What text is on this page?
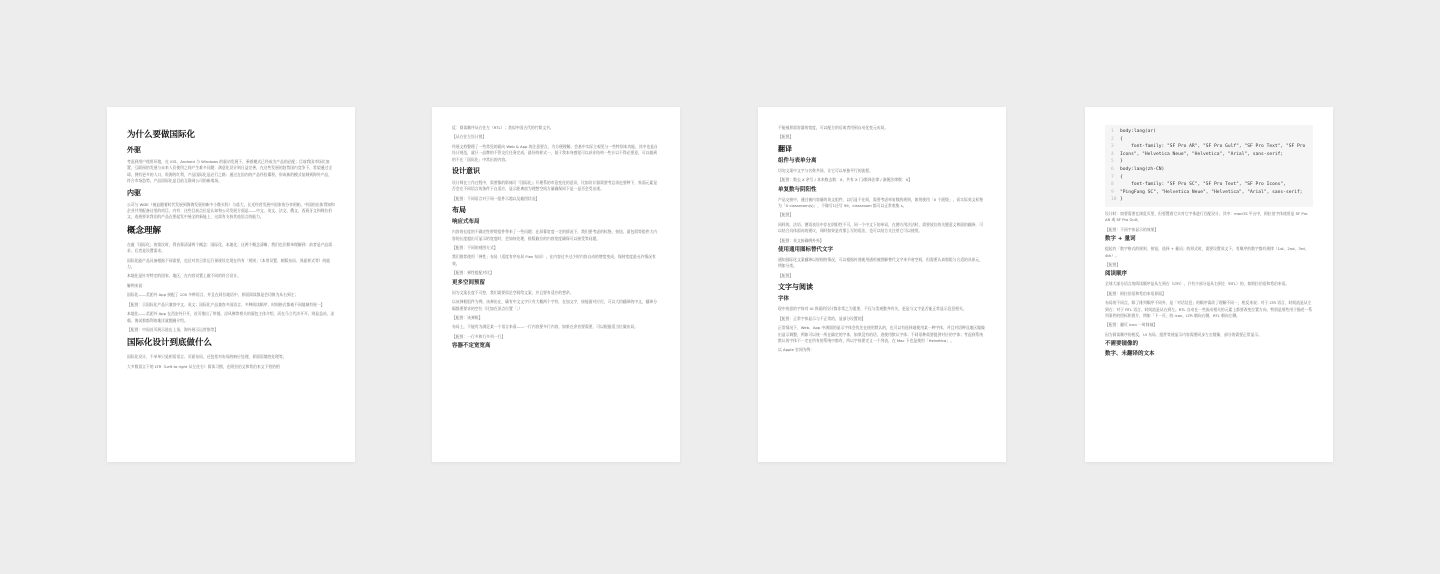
为什么要做国际化
外驱
考虑到用户使用环境，在 iOS、Android 与 Windows 的驱动发展下，乘着模式已经成为产品的必配；目前我国市场比加置，互联网的发展与未来人们使用之间产生难多问题：满意化设计则日益完善，在这些发展的趋势国内竞争下，希望通过全球，拥有更多的人口，资源的红利，产品国际化是必行之路；通过在国内的产品经验累积，形成新的模式复制到海外产品，符合市场趋势。产品国际化是目前互联网公司的新战场。
内驱
公司与 WDE（被迫随着时代发展到海海发展的新中小微头科）与落大，长光经营发展中国家的分享阿帕，中国的出体得知和企业共用配备这里的项目，内有：这些目前点位是认知和公司发展方面是——中文、英文、法文、俄文、西班牙文和阿拉伯文，选规要求我们的产品在要起发中展全的新能上，这需有支持其他语言的能力。
概念理解
在做「国际化」的第次时，得首靠清清两个概念：国际化、本地化；这两个概念清晰，我们也们简单理解到：前者是产品需求，后者是设置需求。
国际化能产品具备根据不同需要，也区对其日常运行预规设定现在所有「规则」（本用设置、朝版布局、界面样式等）的能力。
本地化是针对特定的国家、地区，在内容设置上做不同的符合设计。
解例来说：
国际化——美团外 App 接配了 100 多种语言，并且在同位地语中，界面阅读都是会切换为从右到左；
【配图：示国际化产品只兼容中文、英文；国际化产品兼容多国语言，多种阅读顺序，时间格式都被不同地域有规一】
本地化——美团外 App 在西安外只开，首页推出了饼链、凉风佛等相关的面包主体介绍，而在马立代决开开，则显益站、凉载、海试那都利的地详就题圈介绍。
【配图：中国首页展示进店上货，海外展示运营推等】
国际化设计到底做什么
国际化设计，不单单只是相语语言、页面布局，还包括对布局的响应处理，界面语境的处理等。
大多数语言下的 LTR（Left to right 从左往右）阅读习惯，在阿拉伯文和希伯来文下恰恰相
反：阅读顺序从右往左（RTL）；类似中国古代的竹简文书。
【从右往左设计图】
经展文档整理了一些常见的面向 Web & App 的注意要点，为方便理解，会基中实际主观见与一些特别本功能，其中也是自设计规范，就只一品牌的不管交位任务完成，最好的样式一，基于我本身感觉可以获业结构一些计以不得必要意，可以做到的不在「国际化」中常出的内容。
设计意识
设计师在工作过程中，需要都的影储可『国际化』开理系的市意变化的意识，比如设计器需要考总再也要种下，界面元素是否会在不同语言的条件下自适应，显示距离放为理想空间方量确保同下是一是否会受出现。
【配图：不同语言对于同一组件示越以及截图状况】
布局
响应式布局
内容的长度的不确定性带给组件带来了一些问题：在屏幕宽度一定的情况下，我们要考虑的标签、按钮、面包屑等组件大内容的长度超出可显示的宽度时，会如何处理，排版截位的内容宽度确保可以接受等问题。
【配图：不同的视图方式】
我们推荐使用「弹性」布局（适度有序布局 Flex 布局），在内容过多过少时内容自动的增宽变成，保持宽度最允许情况有效。
【配图：弹性组配对比】
更多空间预留
因为文案长度不可控，我们需要留足空间给文案，并且要有适应的想余。
以该弹框组件为例，该弹出在，确有中文文字只有大概两个字符，在加文字，按能面对应位，可以大约翻译的中文，翻译分隔都要要求的空位（比如在顶点位置「」）
【配图：该弹框】
布局上，不能有为满足某一个语言来看——一行内容要多行内容，如果在余音要需要，可以根据适当位做布局。
【配图：一行多和行多列一行】
容器不定宽宽高
不能被界面容器的宽度，可以配合的后或者用到自动化变元布局。
【配图】
翻译
组件与表单分离
切勿文案中文字与名称共同，让它可以单独平行的流程。
【配图：数去 X 余号 / 本来数去数：X，共有 X 门/数译法律 / 渐便法律数：X】
单复数与阴阳性
产品交接中，通过被内容量的英文组件，以后显不在间，需要考虑单复数的规则，如图使用「X 个班级」，而实际英文标签为「X classroom(s)」，不像写1还写 99，classroom 都可以正常收集 s。
【配图】
同样的，法语、德语表设中存在阴阳性不可，同一个中文下的单词，在德方用法法时，需要放位的关键意义和面的翻译，可以结合具体面向的建议，同时如果是有那么写的语法，也可以结合关注用它可以使用。
【配图：英文接确例外外】
使用通用图标替代文字
通知国际化文案翻译以规则的情况，可以根据传递使用通用被图解替代文字来节省空间，但需要认真那组与合适的具体元，例如分类。
【配图】
文字与阅读
字体
现中的思的字体对 UI 界面的设计都非常之为重要，不仅与美观整齐有关，更是与文字是否能正常显示息息相关。
【配图：正常字体显示与不正常的，显部分设置的】
正常情况下，Web、App 中满面的显示字体会优先在使用默认的，也可以有选择地使用某一种字体，并且对语种及地区做做出显示调整，例如可以统一所在确定的字体，如果没有的话，进使用默认字体；不同语种需要提供对应的字体；考虑到系统默认的字体不一定在所有的系统中都有，所以字体要定义一个列表，在 Mac 下也是使用「Helvetica」。
以 Apple 官网为例：
1	body:lang(ar)
2	{
3	font-family: "SF Pro AR", "SF Pro Gulf", "SF Pro Text", "SF Pro
4	Icons", "Helvetica Neue", "Helvetica", "Arial", sans-serif;
5	}
6	body:lang(zh-CN)
7	{
8	font-family: "SF Pro SC", "SF Pro Text", "SF Pro Icons",
9	"PingFang SC", "Helvetica Neue", "Helvetica", "Arial", sans-serif;
10 }
设计时：如要需要在浏览页里，但要置着它实对它字体进行匹配设计，其中：macOS 平台中，阿拉伯字体使用是 SF Pro AR 或 SF Pro Gulf。
【配图：不同字体显示的效果】
数字 + 量词
提起有「数字格式的规则，按钮，选择 + 量词」的形式时，需要设置英文下，有顺序的数字都有规律（1st、2nd、3rd、4th）。
【配图】
阅读顺序
全球大部分语言的阅读顺序是从左到右（LTR），只有少部分是从右到左（RTL）的，如阿拉伯语和希伯来语。
【配图：阿拉伯语和希伯来语界面】
布局的不同点，除了排列顺序不同外，是「对话信息」的顺序需改了理解不同一，相反来说：对于 LTR 语言，时间流是从左到右；对于 RTL 语言，时间流是从右到左。RTL 自动在一些流动相关的元素上都要改变位置方向，特别是那些用于描述一系列事件的图标和图片，例如「下一页」的 icon，LTR 朝向右侧，RTL 朝向左侧。
【配图：翻页 icon 一时间轴】
因为阅读顺序的相反，UI 布局、组件等使显示内容需要同步左右镜像，部分的需要正常显示。
不需要镜像的
数字、未翻译的文本
